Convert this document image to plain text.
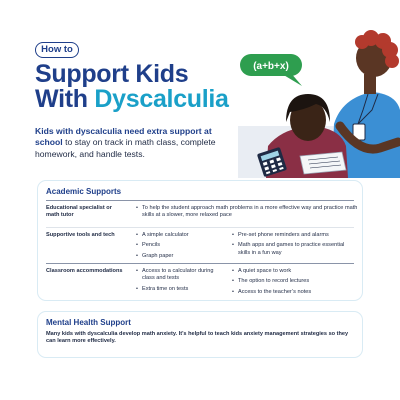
How to
Support Kids
With Dyscalculia

Kids with dyscalculia need extra support at school to stay on track in math class, complete homework, and handle tests.

(a+b+x)
Academic Supports
Educational specialist or math tutor
• To help the student approach math problems in a more effective way and practice math skills at a slower, more relaxed pace
Supportive tools and tech	• A simple calculator
• Pencils
• Graph paper
• Pre-set phone reminders and alarms
• Math apps and games to practice essential skills in a fun way
Classroom accommodations	• Access to a calculator during class and tests
• Extra time on tests
• A quiet space to work
• The option to record lectures
• Access to the teacher’s notes
Mental Health Support
Many kids with dyscalculia develop math anxiety. It’s helpful to teach kids anxiety management strategies so they can learn more effectively.
